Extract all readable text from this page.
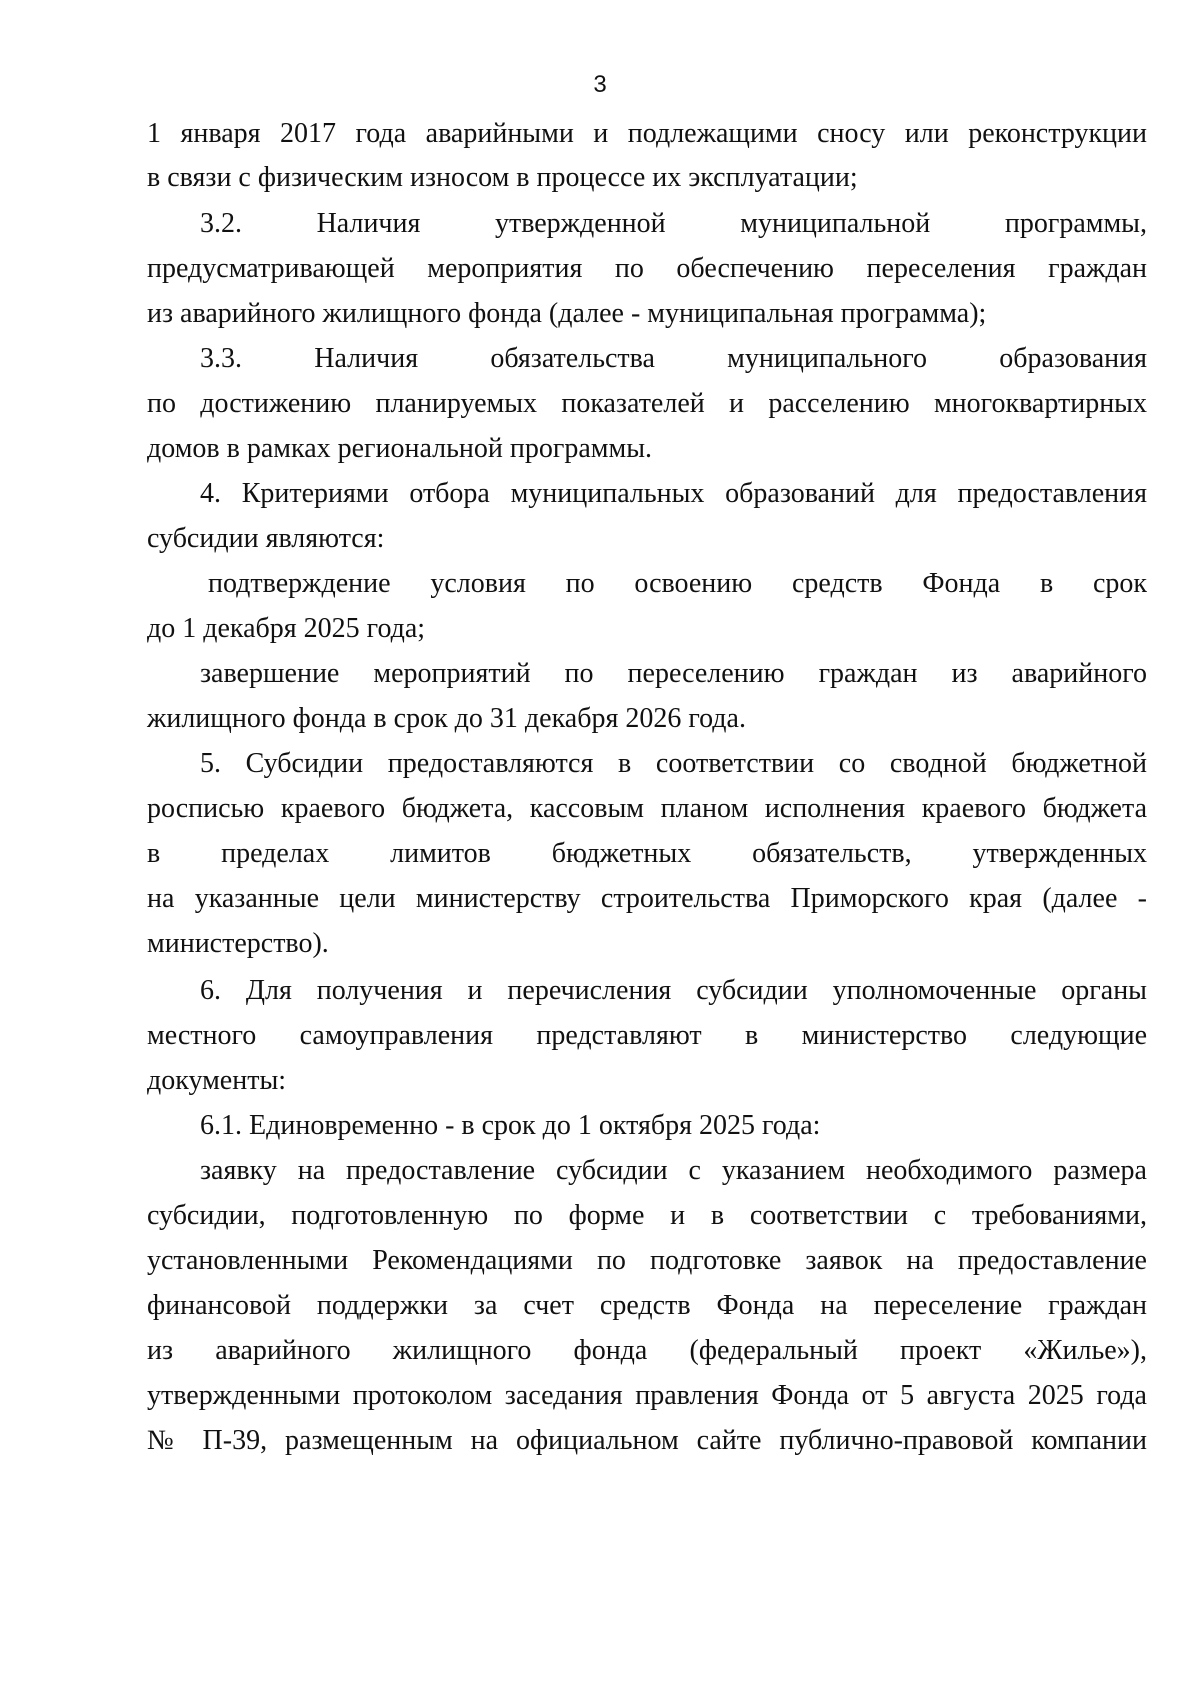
3
1 января 2017 года аварийными и подлежащими сносу или реконструкции
в связи с физическим износом в процессе их эксплуатации;
3.2. Наличия утвержденной муниципальной программы,
предусматривающей мероприятия по обеспечению переселения граждан
из аварийного жилищного фонда (далее - муниципальная программа);
3.3. Наличия обязательства муниципального образования
по достижению планируемых показателей и расселению многоквартирных
домов в рамках региональной программы.
4. Критериями отбора муниципальных образований для предоставления
субсидии являются:
подтверждение условия по освоению средств Фонда в срок
до 1 декабря 2025 года;
завершение мероприятий по переселению граждан из аварийного
жилищного фонда в срок до 31 декабря 2026 года.
5. Субсидии предоставляются в соответствии со сводной бюджетной
росписью краевого бюджета, кассовым планом исполнения краевого бюджета
в пределах лимитов бюджетных обязательств, утвержденных
на указанные цели министерству строительства Приморского края (далее -
министерство).
6. Для получения и перечисления субсидии уполномоченные органы
местного самоуправления представляют в министерство следующие
документы:
6.1. Единовременно - в срок до 1 октября 2025 года:
заявку на предоставление субсидии с указанием необходимого размера
субсидии, подготовленную по форме и в соответствии с требованиями,
установленными Рекомендациями по подготовке заявок на предоставление
финансовой поддержки за счет средств Фонда на переселение граждан
из аварийного жилищного фонда (федеральный проект «Жилье»),
утвержденными протоколом заседания правления Фонда от 5 августа 2025 года
№ П-39, размещенным на официальном сайте публично-правовой компании
